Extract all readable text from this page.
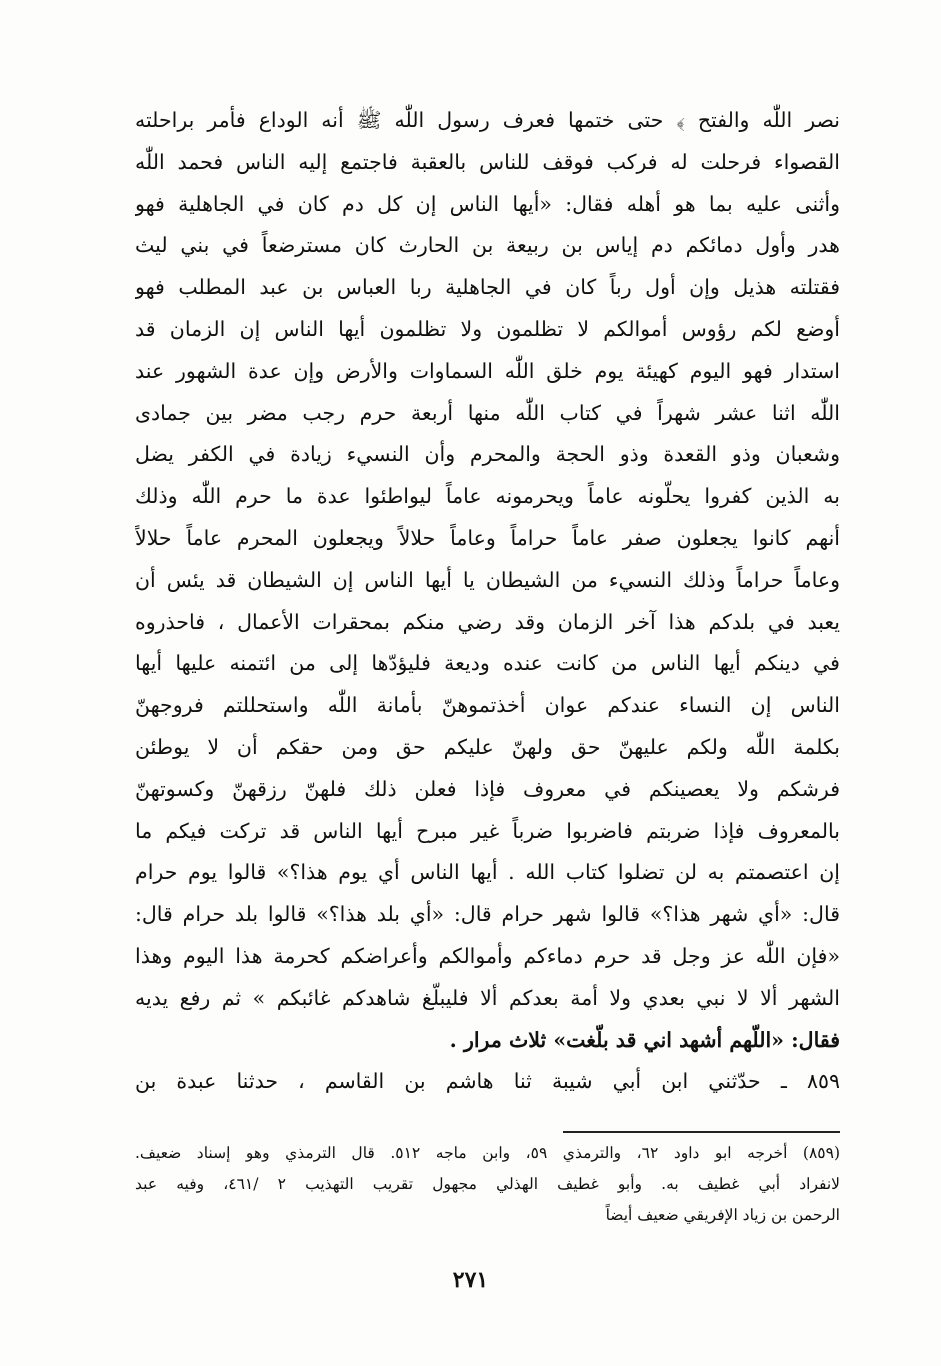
نصر اللّٰه والفتح ﴾ حتى ختمها فعرف رسول اللّٰه ﷺ أنه الوداع فأمر براحلته
القصواء فرحلت له فركب فوقف للناس بالعقبة فاجتمع إليه الناس فحمد اللّٰه
وأثنى عليه بما هو أهله فقال: «أيها الناس إن كل دم كان في الجاهلية فهو
هدر وأول دمائكم دم إياس بن ربيعة بن الحارث كان مسترضعاً في بني ليث
فقتلته هذيل وإن أول رباً كان في الجاهلية ربا العباس بن عبد المطلب فهو
أوضع لكم رؤوس أموالكم لا تظلمون ولا تظلمون أيها الناس إن الزمان قد
استدار فهو اليوم كهيئة يوم خلق اللّٰه السماوات والأرض وإن عدة الشهور عند
اللّٰه اثنا عشر شهراً في كتاب اللّٰه منها أربعة حرم رجب مضر بين جمادى
وشعبان وذو القعدة وذو الحجة والمحرم وأن النسيء زيادة في الكفر يضل
به الذين كفروا يحلّونه عاماً ويحرمونه عاماً ليواطئوا عدة ما حرم اللّٰه وذلك
أنهم كانوا يجعلون صفر عاماً حراماً وعاماً حلالاً ويجعلون المحرم عاماً حلالاً
وعاماً حراماً وذلك النسيء من الشيطان يا أيها الناس إن الشيطان قد يئس أن
يعبد في بلدكم هذا آخر الزمان وقد رضي منكم بمحقرات الأعمال ، فاحذروه
في دينكم أيها الناس من كانت عنده وديعة فليؤدّها إلى من ائتمنه عليها أيها
الناس إن النساء عندكم عوان أخذتموهنّ بأمانة اللّٰه واستحللتم فروجهنّ
بكلمة اللّٰه ولكم عليهنّ حق ولهنّ عليكم حق ومن حقكم أن لا يوطئن
فرشكم ولا يعصينكم في معروف فإذا فعلن ذلك فلهنّ رزقهنّ وكسوتهنّ
بالمعروف فإذا ضربتم فاضربوا ضرباً غير مبرح أيها الناس قد تركت فيكم ما
إن اعتصمتم به لن تضلوا كتاب الله . أيها الناس أي يوم هذا؟» قالوا يوم حرام
قال: «أي شهر هذا؟» قالوا شهر حرام قال: «أي بلد هذا؟» قالوا بلد حرام قال:
«فإن اللّٰه عز وجل قد حرم دماءكم وأموالكم وأعراضكم كحرمة هذا اليوم وهذا
الشهر ألا لا نبي بعدي ولا أمة بعدكم ألا فليبلّغ شاهدكم غائبكم » ثم رفع يديه
فقال: «اللّهم أشهد اني قد بلّغت» ثلاث مرار .
٨٥٩ ـ حدّثني ابن أبي شيبة ثنا هاشم بن القاسم ، حدثنا عبدة بن
(٨٥٩) أخرجه ابو داود ٦٢، والترمذي ٥٩، وابن ماجه ٥١٢. قال الترمذي وهو إسناد ضعيف.
لانفراد أبي غطيف به. وأبو غطيف الهذلي مجهول تقريب التهذيب ٢ /٤٦١، وفيه عبد
الرحمن بن زياد الإفريقي ضعيف أيضاً
٢٧١
